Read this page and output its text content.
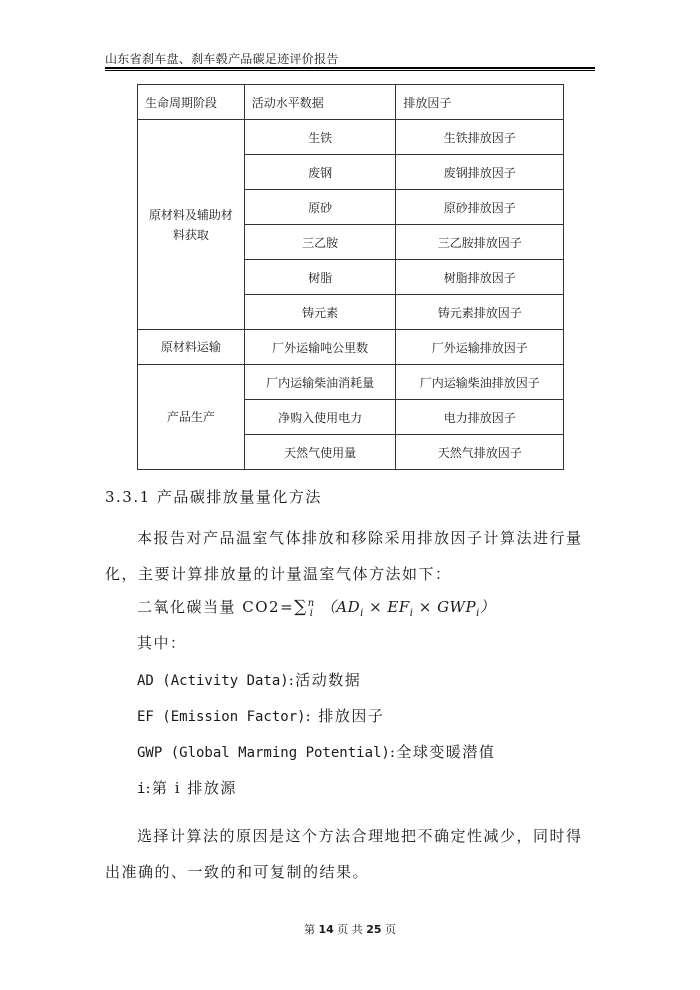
山东省刹车盘、刹车毂产品碳足迹评价报告
生命周期阶段	活动水平数据	排放因子
原材料及辅助材料获取	生铁	生铁排放因子
	废钢	废钢排放因子
	原砂	原砂排放因子
	三乙胺	三乙胺排放因子
	树脂	树脂排放因子
	铸元素	铸元素排放因子
原材料运输	厂外运输吨公里数	厂外运输排放因子
产品生产	厂内运输柴油消耗量	厂内运输柴油排放因子
	净购入使用电力	电力排放因子
	天然气使用量	天然气排放因子
3.3.1 产品碳排放量量化方法
本报告对产品温室气体排放和移除采用排放因子计算法进行量化，主要计算排放量的计量温室气体方法如下：
二氧化碳当量 CO2=∑$^n_i$ $(AD_i \times EF_i \times GWP_i)$
其中：
AD (Activity Data):活动数据
EF (Emission Factor): 排放因子
GWP (Global Marming Potential):全球变暖潜值
i:第 i 排放源
选择计算法的原因是这个方法合理地把不确定性减少，同时得出准确的、一致的和可复制的结果。
第 14 页 共 25 页
